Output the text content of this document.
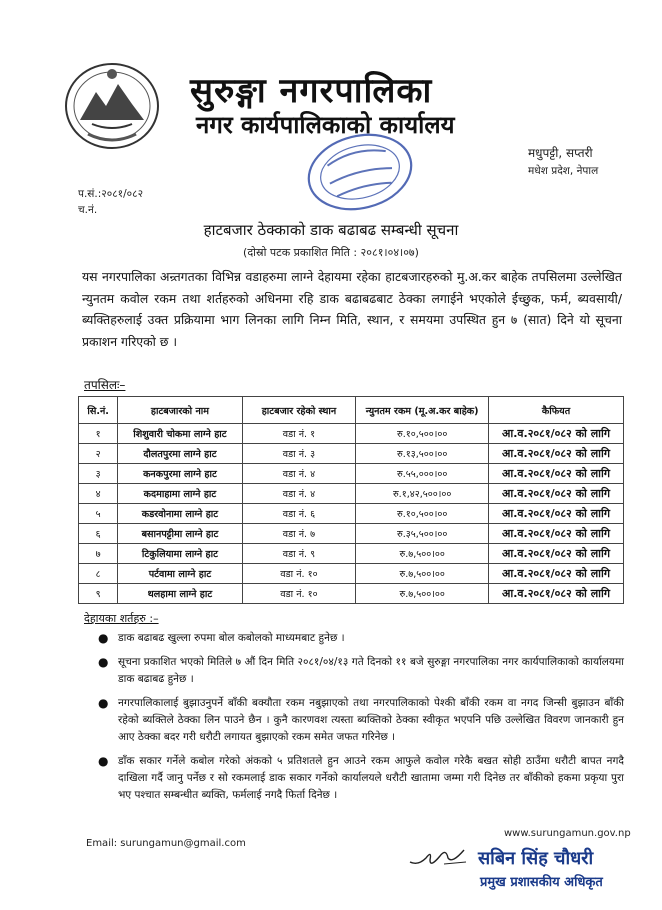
सुरुङ्गा नगरपालिका
नगर कार्यपालिकाको कार्यालय
मधुपट्टी, सप्तरी
मधेश प्रदेश, नेपाल
प.सं.:२०८१/०८२
च.नं.
हाटबजार ठेक्काको डाक बढाबढ सम्बन्धी सूचना
(दोस्रो पटक प्रकाशित मिति : २०८१।०४।०७)
यस नगरपालिका अन्र्तगतका विभिन्न वडाहरुमा लाग्ने देहायमा रहेका हाटबजारहरुको मु.अ.कर बाहेक तपसिलमा उल्लेखित न्युनतम कवोल रकम तथा शर्तहरुको अधिनमा रहि डाक बढाबढबाट ठेक्का लगाईने भएकोले ईच्छुक, फर्म, ब्यवसायी/ब्यक्तिहरुलाई उक्त प्रक्रियामा भाग लिनका लागि निम्न मिति, स्थान, र समयमा उपस्थित हुन ७ (सात) दिने यो सूचना प्रकाशन गरिएको छ ।
तपसिलः–
सि.नं.	हाटबजारको नाम	हाटबजार रहेको स्थान	न्युनतम रकम (मू.अ.कर बाहेक)	कैफियत
१	शिशुवारी चोकमा लाग्ने हाट	वडा नं. १	रु.१०,५००।००	आ.व.२०८१/०८२ को लागि
२	दौलतपुरमा लाग्ने हाट	वडा नं. ३	रु.१३,५००।००	आ.व.२०८१/०८२ को लागि
३	कनकपुरमा लाग्ने हाट	वडा नं. ४	रु.५५,०००।००	आ.व.२०८१/०८२ को लागि
४	कदमाहामा लाग्ने हाट	वडा नं. ४	रु.१,४२,५००।००	आ.व.२०८१/०८२ को लागि
५	कडरवोनामा लाग्ने हाट	वडा नं. ६	रु.१०,५००।००	आ.व.२०८१/०८२ को लागि
६	बसानपट्टीमा लाग्ने हाट	वडा नं. ७	रु.३५,५००।००	आ.व.२०८१/०८२ को लागि
७	टिकुलियामा लाग्ने हाट	वडा नं. ९	रु.७,५००।००	आ.व.२०८१/०८२ को लागि
८	पर्टवामा लाग्ने हाट	वडा नं. १०	रु.७,५००।००	आ.व.२०८१/०८२ को लागि
९	थलहामा लाग्ने हाट	वडा नं. १०	रु.७,५००।००	आ.व.२०८१/०८२ को लागि
देहायका शर्तहरु :–
● डाक बढाबढ खुल्ला रुपमा बोल कबोलको माध्यमबाट हुनेछ ।
● सूचना प्रकाशित भएको मितिले ७ औं दिन मिति २०८१/०४/१३ गते दिनको ११ बजे सुरुङ्गा नगरपालिका नगर कार्यपालिकाको कार्यालयमा डाक बढाबढ हुनेछ ।
● नगरपालिकालाई बुझाउनुपर्ने बाँकी बक्यौता रकम नबुझाएको तथा नगरपालिकाको पेश्की बाँकी रकम वा नगद जिन्सी बुझाउन बाँकी रहेको ब्यक्तिले ठेक्का लिन पाउने छैन । कुनै कारणवश त्यस्ता ब्यक्तिको ठेक्का स्वीकृत भएपनि पछि उल्लेखित विवरण जानकारी हुन आए ठेक्का बदर गरी धरौटी लगायत बुझाएको रकम समेत जफत गरिनेछ ।
● डाँक सकार गर्नेले कबोल गरेको अंकको ५ प्रतिशतले हुन आउने रकम आफुले कवोल गरेकै बखत सोही ठाउँमा धरौटी बापत नगदै दाखिला गर्दै जानु पर्नेछ र सो रकमलाई डाक सकार गर्नेको कार्यालयले धरौटी खातामा जम्मा गरी दिनेछ तर बाँकीको हकमा प्रकृया पुरा भए पश्चात सम्बन्धीत ब्यक्ति, फर्मलाई नगदै फिर्ता दिनेछ ।
Email: surungamun@gmail.com
www.surungamun.gov.np
सबिन सिंह चौधरी
प्रमुख प्रशासकीय अधिकृत
